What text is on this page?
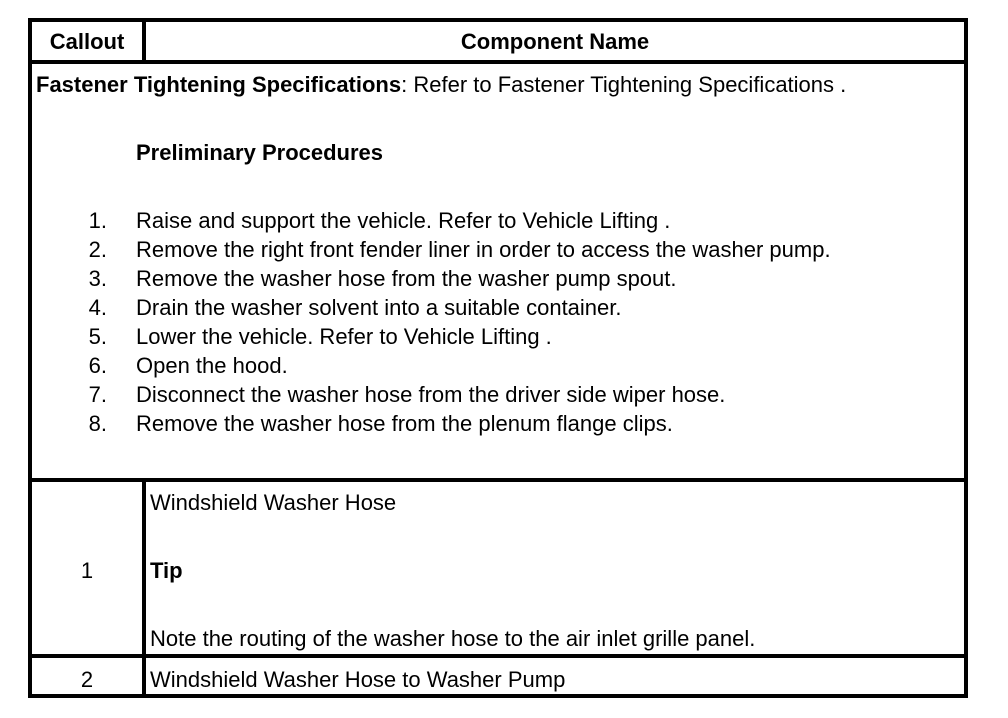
Callout	Component Name
Fastener Tightening Specifications: Refer to Fastener Tightening Specifications .
Preliminary Procedures
1. Raise and support the vehicle. Refer to Vehicle Lifting .
2. Remove the right front fender liner in order to access the washer pump.
3. Remove the washer hose from the washer pump spout.
4. Drain the washer solvent into a suitable container.
5. Lower the vehicle. Refer to Vehicle Lifting .
6. Open the hood.
7. Disconnect the washer hose from the driver side wiper hose.
8. Remove the washer hose from the plenum flange clips.
1
Windshield Washer Hose
Tip
Note the routing of the washer hose to the air inlet grille panel.
2	Windshield Washer Hose to Washer Pump
